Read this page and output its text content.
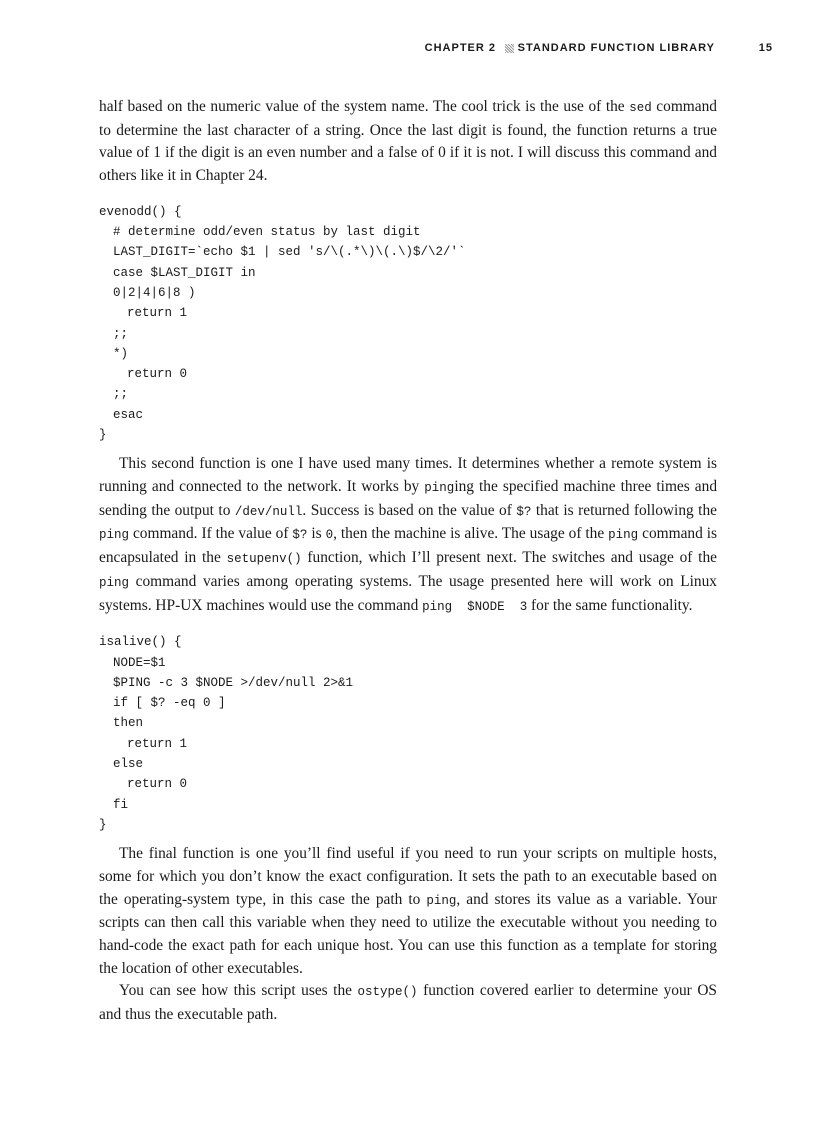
CHAPTER 2 STANDARD FUNCTION LIBRARY	15

half based on the numeric value of the system name. The cool trick is the use of the sed command to determine the last character of a string. Once the last digit is found, the function returns a true value of 1 if the digit is an even number and a false of 0 if it is not. I will discuss this command and others like it in Chapter 24.

evenodd() {
# determine odd/even status by last digit
LAST_DIGIT=`echo $1 | sed 's/\(.*\)\(.\)$/\2/'`
case $LAST_DIGIT in
0|2|4|6|8 )
return 1
;;
*)
return 0
;;
esac
}

This second function is one I have used many times. It determines whether a remote system is running and connected to the network. It works by pinging the specified machine three times and sending the output to /dev/null. Success is based on the value of $? that is returned following the ping command. If the value of $? is 0, then the machine is alive. The usage of the ping command is encapsulated in the setupenv() function, which I’ll present next. The switches and usage of the ping command varies among operating systems. The usage presented here will work on Linux systems. HP-UX machines would use the command ping  $NODE  3 for the same functionality.

isalive() {
NODE=$1
$PING -c 3 $NODE >/dev/null 2>&1
if [ $? -eq 0 ]
then
return 1
else
return 0
fi
}

The final function is one you’ll find useful if you need to run your scripts on multiple hosts, some for which you don’t know the exact configuration. It sets the path to an executable based on the operating-system type, in this case the path to ping, and stores its value as a variable. Your scripts can then call this variable when they need to utilize the executable without you needing to hand-code the exact path for each unique host. You can use this function as a template for storing the location of other executables.

You can see how this script uses the ostype() function covered earlier to determine your OS and thus the executable path.
